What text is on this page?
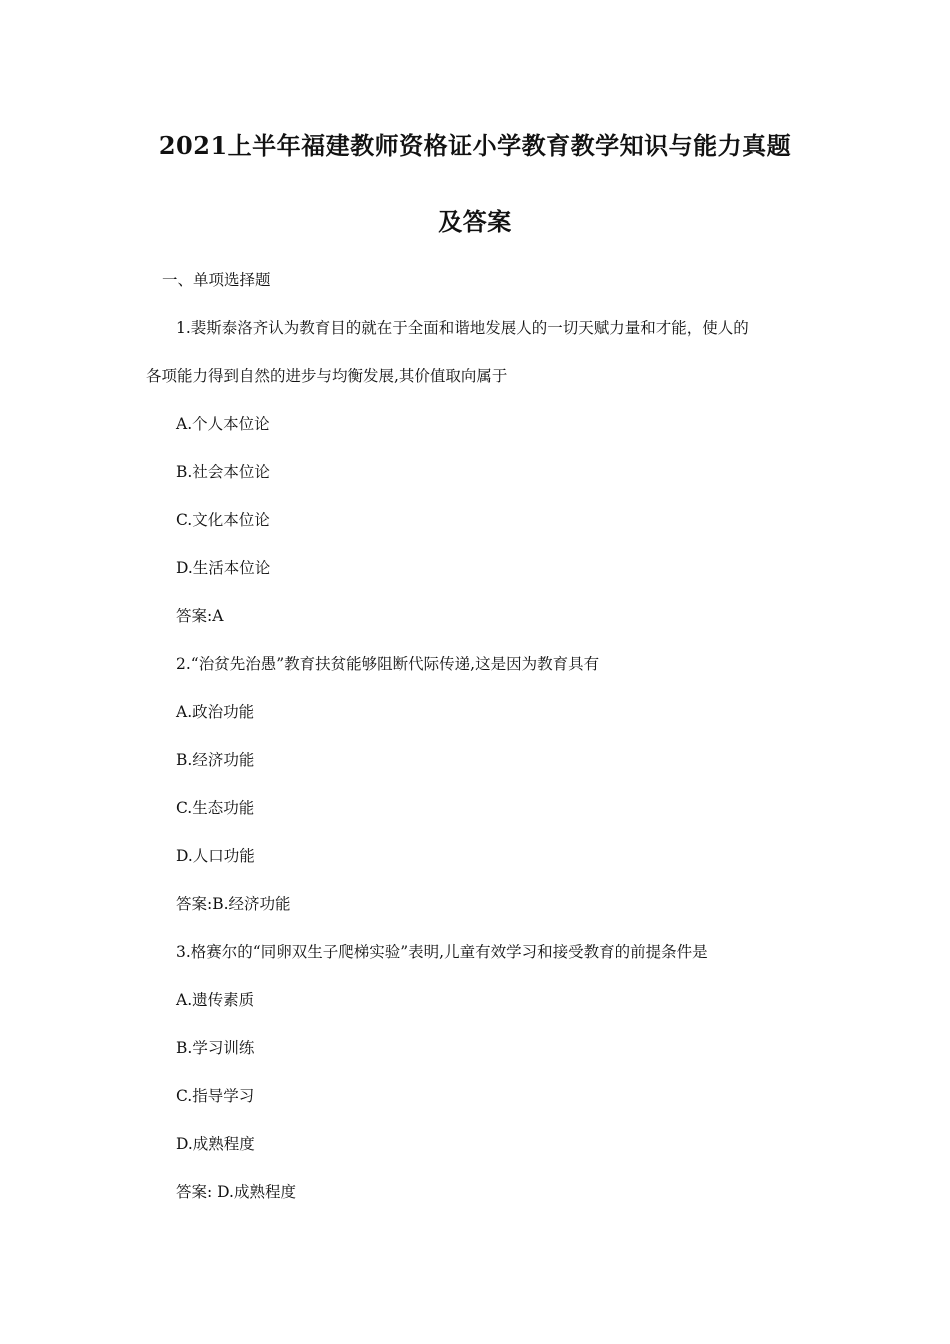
2021上半年福建教师资格证小学教育教学知识与能力真题
及答案
一、单项选择题
1.裴斯泰洛齐认为教育目的就在于全面和谐地发展人的一切天赋力量和才能，使人的
各项能力得到自然的进步与均衡发展,其价值取向属于
A.个人本位论
B.社会本位论
C.文化本位论
D.生活本位论
答案:A
2.“治贫先治愚”教育扶贫能够阻断代际传递,这是因为教育具有
A.政治功能
B.经济功能
C.生态功能
D.人口功能
答案:B.经济功能
3.格赛尔的“同卵双生子爬梯实验”表明,儿童有效学习和接受教育的前提条件是
A.遗传素质
B.学习训练
C.指导学习
D.成熟程度
答案: D.成熟程度
